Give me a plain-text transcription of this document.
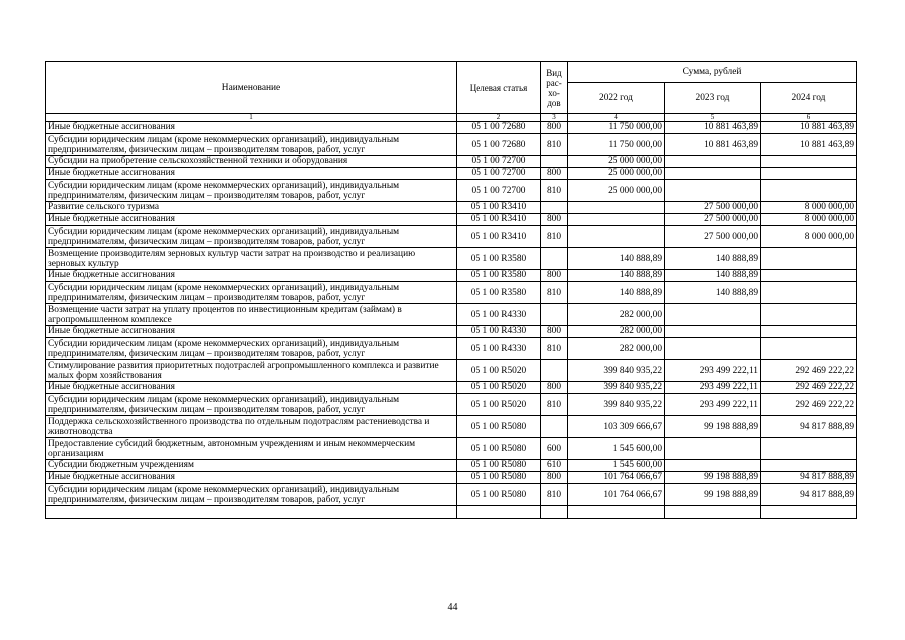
Наименование	Целевая статья	Вид рас-хо-дов	Сумма, рублей		
			2022 год	2023 год	2024 год
1	2	3	4	5	6
Иные бюджетные ассигнования	05 1 00 72680	800	11 750 000,00	10 881 463,89	10 881 463,89
Субсидии юридическим лицам (кроме некоммерческих организаций), индивидуальным предпринимателям, физическим лицам – производителям товаров, работ, услуг	05 1 00 72680	810	11 750 000,00	10 881 463,89	10 881 463,89
Субсидии на приобретение сельскохозяйственной техники и оборудования	05 1 00 72700		25 000 000,00		
Иные бюджетные ассигнования	05 1 00 72700	800	25 000 000,00		
Субсидии юридическим лицам (кроме некоммерческих организаций), индивидуальным предпринимателям, физическим лицам – производителям товаров, работ, услуг	05 1 00 72700	810	25 000 000,00		
Развитие сельского туризма	05 1 00 R3410			27 500 000,00	8 000 000,00
Иные бюджетные ассигнования	05 1 00 R3410	800		27 500 000,00	8 000 000,00
Субсидии юридическим лицам (кроме некоммерческих организаций), индивидуальным предпринимателям, физическим лицам – производителям товаров, работ, услуг	05 1 00 R3410	810		27 500 000,00	8 000 000,00
Возмещение производителям зерновых культур части затрат на производство и реализацию зерновых культур	05 1 00 R3580		140 888,89	140 888,89	
Иные бюджетные ассигнования	05 1 00 R3580	800	140 888,89	140 888,89	
Субсидии юридическим лицам (кроме некоммерческих организаций), индивидуальным предпринимателям, физическим лицам – производителям товаров, работ, услуг	05 1 00 R3580	810	140 888,89	140 888,89	
Возмещение части затрат на уплату процентов по инвестиционным кредитам (займам) в агропромышленном комплексе	05 1 00 R4330		282 000,00		
Иные бюджетные ассигнования	05 1 00 R4330	800	282 000,00		
Субсидии юридическим лицам (кроме некоммерческих организаций), индивидуальным предпринимателям, физическим лицам – производителям товаров, работ, услуг	05 1 00 R4330	810	282 000,00		
Стимулирование развития приоритетных подотраслей агропромышленного комплекса и развитие малых форм хозяйствования	05 1 00 R5020		399 840 935,22	293 499 222,11	292 469 222,22
Иные бюджетные ассигнования	05 1 00 R5020	800	399 840 935,22	293 499 222,11	292 469 222,22
Субсидии юридическим лицам (кроме некоммерческих организаций), индивидуальным предпринимателям, физическим лицам – производителям товаров, работ, услуг	05 1 00 R5020	810	399 840 935,22	293 499 222,11	292 469 222,22
Поддержка сельскохозяйственного производства по отдельным подотраслям растениеводства и животноводства	05 1 00 R5080		103 309 666,67	99 198 888,89	94 817 888,89
Предоставление субсидий бюджетным, автономным учреждениям и иным некоммерческим организациям	05 1 00 R5080	600	1 545 600,00		
Субсидии бюджетным учреждениям	05 1 00 R5080	610	1 545 600,00		
Иные бюджетные ассигнования	05 1 00 R5080	800	101 764 066,67	99 198 888,89	94 817 888,89
Субсидии юридическим лицам (кроме некоммерческих организаций), индивидуальным предпринимателям, физическим лицам – производителям товаров, работ, услуг	05 1 00 R5080	810	101 764 066,67	99 198 888,89	94 817 888,89

44
